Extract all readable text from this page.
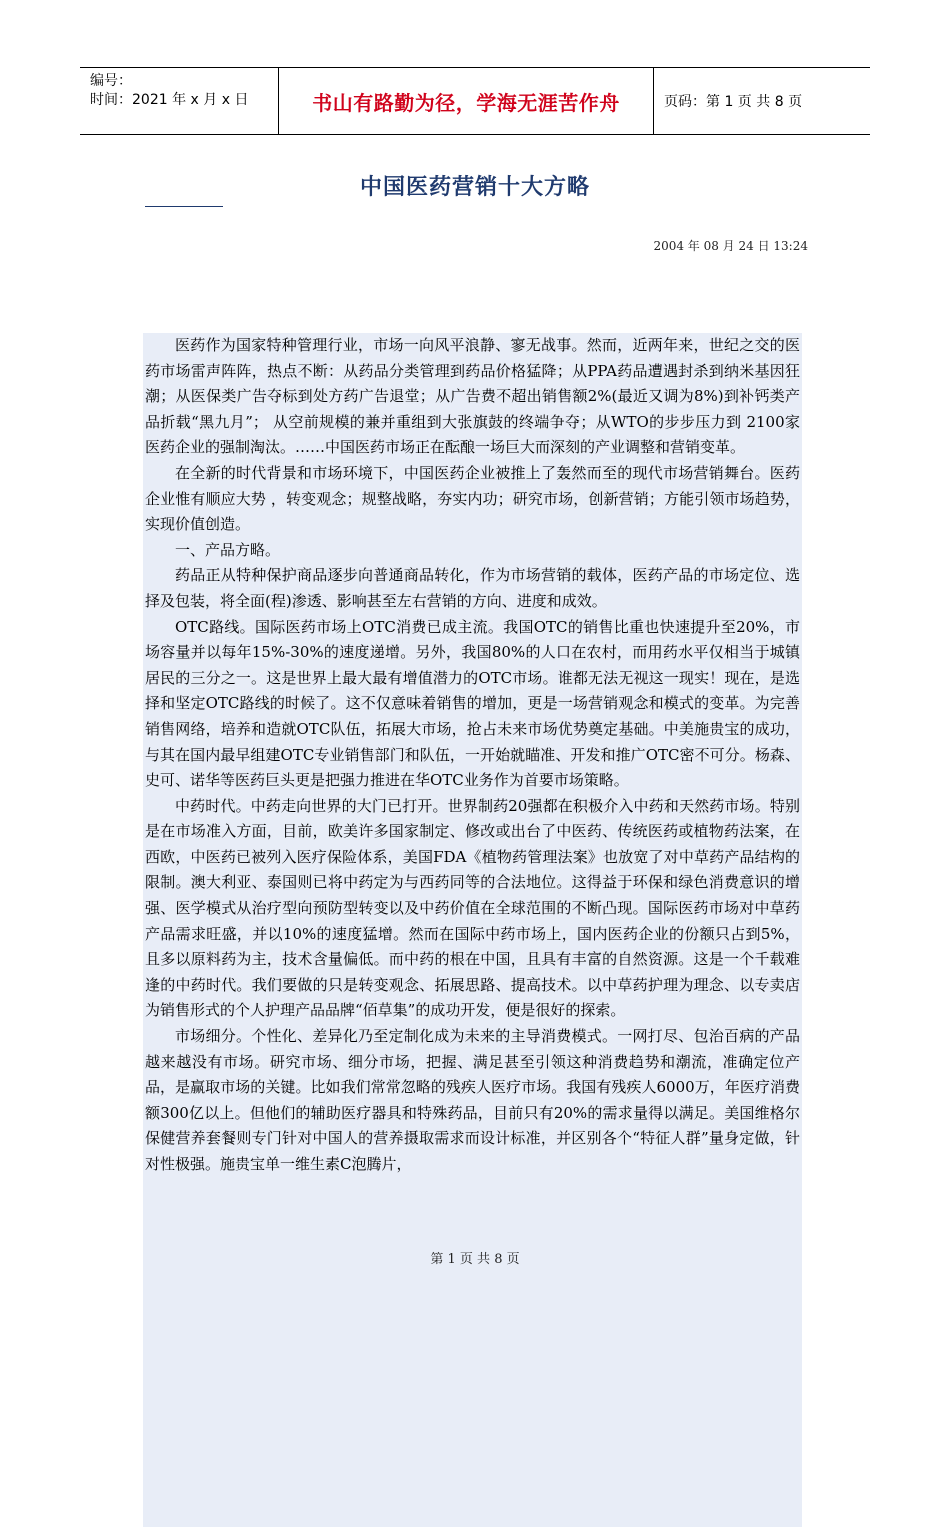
编号：
时间：2021 年 x 月 x 日	书山有路勤为径，学海无涯苦作舟	页码：第 1 页 共 8 页
中国医药营销十大方略
2004 年 08 月 24 日 13:24

医药作为国家特种管理行业，市场一向风平浪静、寥无战事。然而，近两年来，世纪之交的医药市场雷声阵阵，热点不断：从药品分类管理到药品价格猛降；从PPA药品遭遇封杀到纳米基因狂潮；从医保类广告夺标到处方药广告退堂；从广告费不超出销售额2%(最近又调为8%)到补钙类产品折载“黑九月”； 从空前规模的兼并重组到大张旗鼓的终端争夺；从WTO的步步压力到 2100家医药企业的强制淘汰。……中国医药市场正在酝酿一场巨大而深刻的产业调整和营销变革。

在全新的时代背景和市场环境下，中国医药企业被推上了轰然而至的现代市场营销舞台。医药企业惟有顺应大势 ，转变观念；规整战略，夯实内功；研究市场，创新营销；方能引领市场趋势，实现价值创造。

一、产品方略。

药品正从特种保护商品逐步向普通商品转化，作为市场营销的载体，医药产品的市场定位、选择及包装，将全面(程)渗透、影响甚至左右营销的方向、进度和成效。

OTC路线。国际医药市场上OTC消费已成主流。我国OTC的销售比重也快速提升至20%，市场容量并以每年15%-30%的速度递增。另外，我国80%的人口在农村，而用药水平仅相当于城镇居民的三分之一。这是世界上最大最有增值潜力的OTC市场。谁都无法无视这一现实！现在，是选择和坚定OTC路线的时候了。这不仅意味着销售的增加，更是一场营销观念和模式的变革。为完善销售网络，培养和造就OTC队伍，拓展大市场，抢占未来市场优势奠定基础。中美施贵宝的成功，与其在国内最早组建OTC专业销售部门和队伍，一开始就瞄准、开发和推广OTC密不可分。杨森、史可、诺华等医药巨头更是把强力推进在华OTC业务作为首要市场策略。

中药时代。中药走向世界的大门已打开。世界制药20强都在积极介入中药和天然药市场。特别是在市场准入方面，目前，欧美许多国家制定、修改或出台了中医药、传统医药或植物药法案，在西欧，中医药已被列入医疗保险体系，美国FDA《植物药管理法案》也放宽了对中草药产品结构的限制。澳大利亚、泰国则已将中药定为与西药同等的合法地位。这得益于环保和绿色消费意识的增强、医学模式从治疗型向预防型转变以及中药价值在全球范围的不断凸现。国际医药市场对中草药产品需求旺盛，并以10%的速度猛增。然而在国际中药市场上，国内医药企业的份额只占到5%，且多以原料药为主，技术含量偏低。而中药的根在中国，且具有丰富的自然资源。这是一个千载难逢的中药时代。我们要做的只是转变观念、拓展思路、提高技术。以中草药护理为理念、以专卖店为销售形式的个人护理产品品牌“佰草集”的成功开发，便是很好的探索。

市场细分。个性化、差异化乃至定制化成为未来的主导消费模式。一网打尽、包治百病的产品越来越没有市场。研究市场、细分市场，把握、满足甚至引领这种消费趋势和潮流，准确定位产品，是赢取市场的关键。比如我们常常忽略的残疾人医疗市场。我国有残疾人6000万，年医疗消费额300亿以上。但他们的辅助医疗器具和特殊药品，目前只有20%的需求量得以满足。美国维格尔保健营养套餐则专门针对中国人的营养摄取需求而设计标准，并区别各个“特征人群”量身定做，针对性极强。施贵宝单一维生素C泡腾片，

第 1 页 共 8 页
